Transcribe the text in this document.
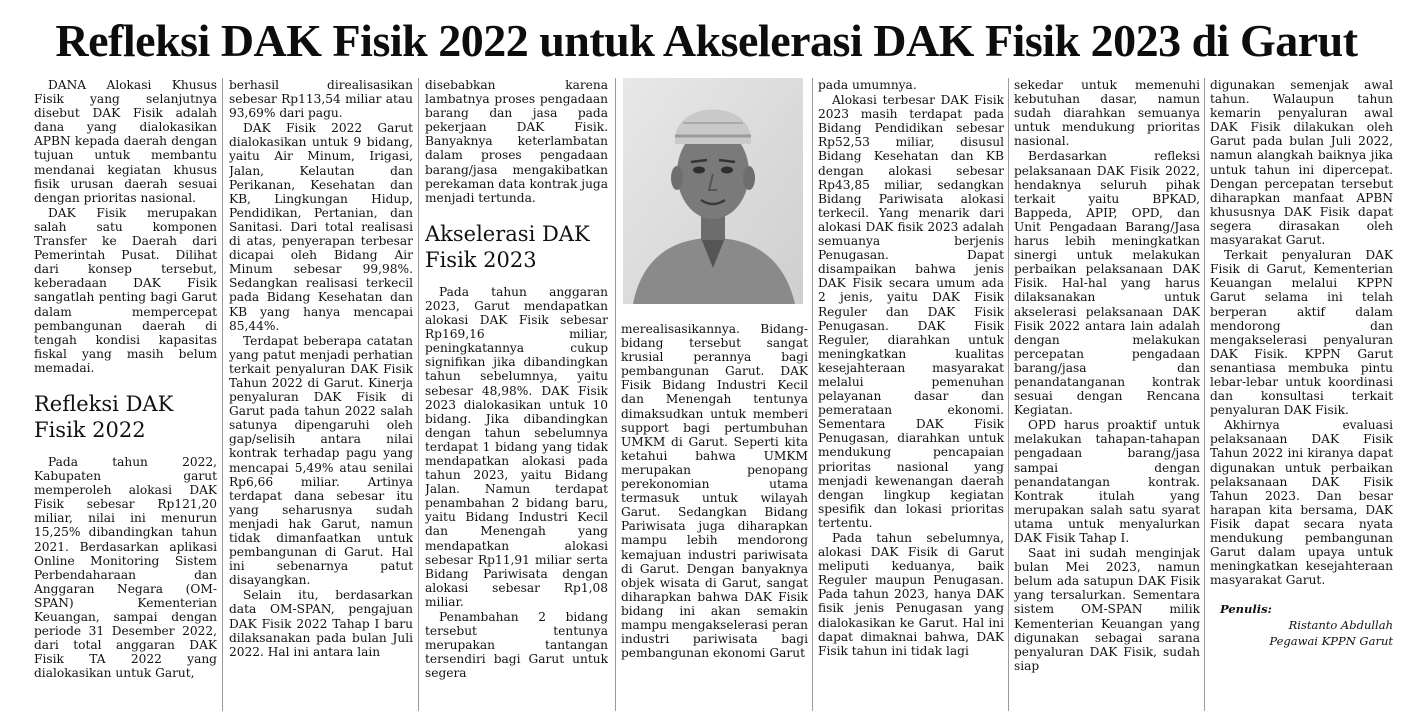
Refleksi DAK Fisik 2022 untuk Akselerasi DAK Fisik 2023 di Garut

DANA Alokasi Khusus Fisik yang selanjutnya disebut DAK Fisik adalah dana yang dialokasikan APBN kepada daerah dengan tujuan untuk membantu mendanai kegiatan khusus fisik urusan daerah sesuai dengan prioritas nasional.

DAK Fisik merupakan salah satu komponen Transfer ke Daerah dari Pemerintah Pusat. Dilihat dari konsep tersebut, keberadaan DAK Fisik sangatlah penting bagi Garut dalam mempercepat pembangunan daerah di tengah kondisi kapasitas fiskal yang masih belum memadai.

Refleksi DAK Fisik 2022

Pada tahun 2022, Kabupaten garut memperoleh alokasi DAK Fisik sebesar Rp121,20 miliar, nilai ini menurun 15,25% dibandingkan tahun 2021. Berdasarkan aplikasi Online Monitoring Sistem Perbendaharaan dan Anggaran Negara (OM-SPAN) Kementerian Keuangan, sampai dengan periode 31 Desember 2022, dari total anggaran DAK Fisik TA 2022 yang dialokasikan untuk Garut,

berhasil direalisasikan sebesar Rp113,54 miliar atau 93,69% dari pagu.

DAK Fisik 2022 Garut dialokasikan untuk 9 bidang, yaitu Air Minum, Irigasi, Jalan, Kelautan dan Perikanan, Kesehatan dan KB, Lingkungan Hidup, Pendidikan, Pertanian, dan Sanitasi. Dari total realisasi di atas, penyerapan terbesar dicapai oleh Bidang Air Minum sebesar 99,98%. Sedangkan realisasi terkecil pada Bidang Kesehatan dan KB yang hanya mencapai 85,44%.

Terdapat beberapa catatan yang patut menjadi perhatian terkait penyaluran DAK Fisik Tahun 2022 di Garut. Kinerja penyaluran DAK Fisik di Garut pada tahun 2022 salah satunya dipengaruhi oleh gap/selisih antara nilai kontrak terhadap pagu yang mencapai 5,49% atau senilai Rp6,66 miliar. Artinya terdapat dana sebesar itu yang seharusnya sudah menjadi hak Garut, namun tidak dimanfaatkan untuk pembangunan di Garut. Hal ini sebenarnya patut disayangkan.

Selain itu, berdasarkan data OM-SPAN, pengajuan DAK Fisik 2022 Tahap I baru dilaksanakan pada bulan Juli 2022. Hal ini antara lain

disebabkan karena lambatnya proses pengadaan barang dan jasa pada pekerjaan DAK Fisik. Banyaknya keterlambatan dalam proses pengadaan barang/jasa mengakibatkan perekaman data kontrak juga menjadi tertunda.

Akselerasi DAK Fisik 2023

Pada tahun anggaran 2023, Garut mendapatkan alokasi DAK Fisik sebesar Rp169,16 miliar, peningkatannya cukup signifikan jika dibandingkan tahun sebelumnya, yaitu sebesar 48,98%. DAK Fisik 2023 dialokasikan untuk 10 bidang. Jika dibandingkan dengan tahun sebelumnya terdapat 1 bidang yang tidak mendapatkan alokasi pada tahun 2023, yaitu Bidang Jalan. Namun terdapat penambahan 2 bidang baru, yaitu Bidang Industri Kecil dan Menengah yang mendapatkan alokasi sebesar Rp11,91 miliar serta Bidang Pariwisata dengan alokasi sebesar Rp1,08 miliar.

Penambahan 2 bidang tersebut tentunya merupakan tantangan tersendiri bagi Garut untuk segera

merealisasikannya. Bidang-bidang tersebut sangat krusial perannya bagi pembangunan Garut. DAK Fisik Bidang Industri Kecil dan Menengah tentunya dimaksudkan untuk memberi support bagi pertumbuhan UMKM di Garut. Seperti kita ketahui bahwa UMKM merupakan penopang perekonomian utama termasuk untuk wilayah Garut. Sedangkan Bidang Pariwisata juga diharapkan mampu lebih mendorong kemajuan industri pariwisata di Garut. Dengan banyaknya objek wisata di Garut, sangat diharapkan bahwa DAK Fisik bidang ini akan semakin mampu mengakselerasi peran industri pariwisata bagi pembangunan ekonomi Garut

pada umumnya.

Alokasi terbesar DAK Fisik 2023 masih terdapat pada Bidang Pendidikan sebesar Rp52,53 miliar, disusul Bidang Kesehatan dan KB dengan alokasi sebesar Rp43,85 miliar, sedangkan Bidang Pariwisata alokasi terkecil. Yang menarik dari alokasi DAK fisik 2023 adalah semuanya berjenis Penugasan. Dapat disampaikan bahwa jenis DAK Fisik secara umum ada 2 jenis, yaitu DAK Fisik Reguler dan DAK Fisik Penugasan. DAK Fisik Reguler, diarahkan untuk meningkatkan kualitas kesejahteraan masyarakat melalui pemenuhan pelayanan dasar dan pemerataan ekonomi. Sementara DAK Fisik Penugasan, diarahkan untuk mendukung pencapaian prioritas nasional yang menjadi kewenangan daerah dengan lingkup kegiatan spesifik dan lokasi prioritas tertentu.

Pada tahun sebelumnya, alokasi DAK Fisik di Garut meliputi keduanya, baik Reguler maupun Penugasan. Pada tahun 2023, hanya DAK fisik jenis Penugasan yang dialokasikan ke Garut. Hal ini dapat dimaknai bahwa, DAK Fisik tahun ini tidak lagi

sekedar untuk memenuhi kebutuhan dasar, namun sudah diarahkan semuanya untuk mendukung prioritas nasional.

Berdasarkan refleksi pelaksanaan DAK Fisik 2022, hendaknya seluruh pihak terkait yaitu BPKAD, Bappeda, APIP, OPD, dan Unit Pengadaan Barang/Jasa harus lebih meningkatkan sinergi untuk melakukan perbaikan pelaksanaan DAK Fisik. Hal-hal yang harus dilaksanakan untuk akselerasi pelaksanaan DAK Fisik 2022 antara lain adalah dengan melakukan percepatan pengadaan barang/jasa dan penandatanganan kontrak sesuai dengan Rencana Kegiatan.

OPD harus proaktif untuk melakukan tahapan-tahapan pengadaan barang/jasa sampai dengan penandatangan kontrak. Kontrak itulah yang merupakan salah satu syarat utama untuk menyalurkan DAK Fisik Tahap I.

Saat ini sudah menginjak bulan Mei 2023, namun belum ada satupun DAK Fisik yang tersalurkan. Sementara sistem OM-SPAN milik Kementerian Keuangan yang digunakan sebagai sarana penyaluran DAK Fisik, sudah siap

digunakan semenjak awal tahun. Walaupun tahun kemarin penyaluran awal DAK Fisik dilakukan oleh Garut pada bulan Juli 2022, namun alangkah baiknya jika untuk tahun ini dipercepat. Dengan percepatan tersebut diharapkan manfaat APBN khususnya DAK Fisik dapat segera dirasakan oleh masyarakat Garut.

Terkait penyaluran DAK Fisik di Garut, Kementerian Keuangan melalui KPPN Garut selama ini telah berperan aktif dalam mendorong dan mengakselerasi penyaluran DAK Fisik. KPPN Garut senantiasa membuka pintu lebar-lebar untuk koordinasi dan konsultasi terkait penyaluran DAK Fisik.

Akhirnya evaluasi pelaksanaan DAK Fisik Tahun 2022 ini kiranya dapat digunakan untuk perbaikan pelaksanaan DAK Fisik Tahun 2023. Dan besar harapan kita bersama, DAK Fisik dapat secara nyata mendukung pembangunan Garut dalam upaya untuk meningkatkan kesejahteraan masyarakat Garut.

Penulis:
Ristanto Abdullah
Pegawai KPPN Garut
